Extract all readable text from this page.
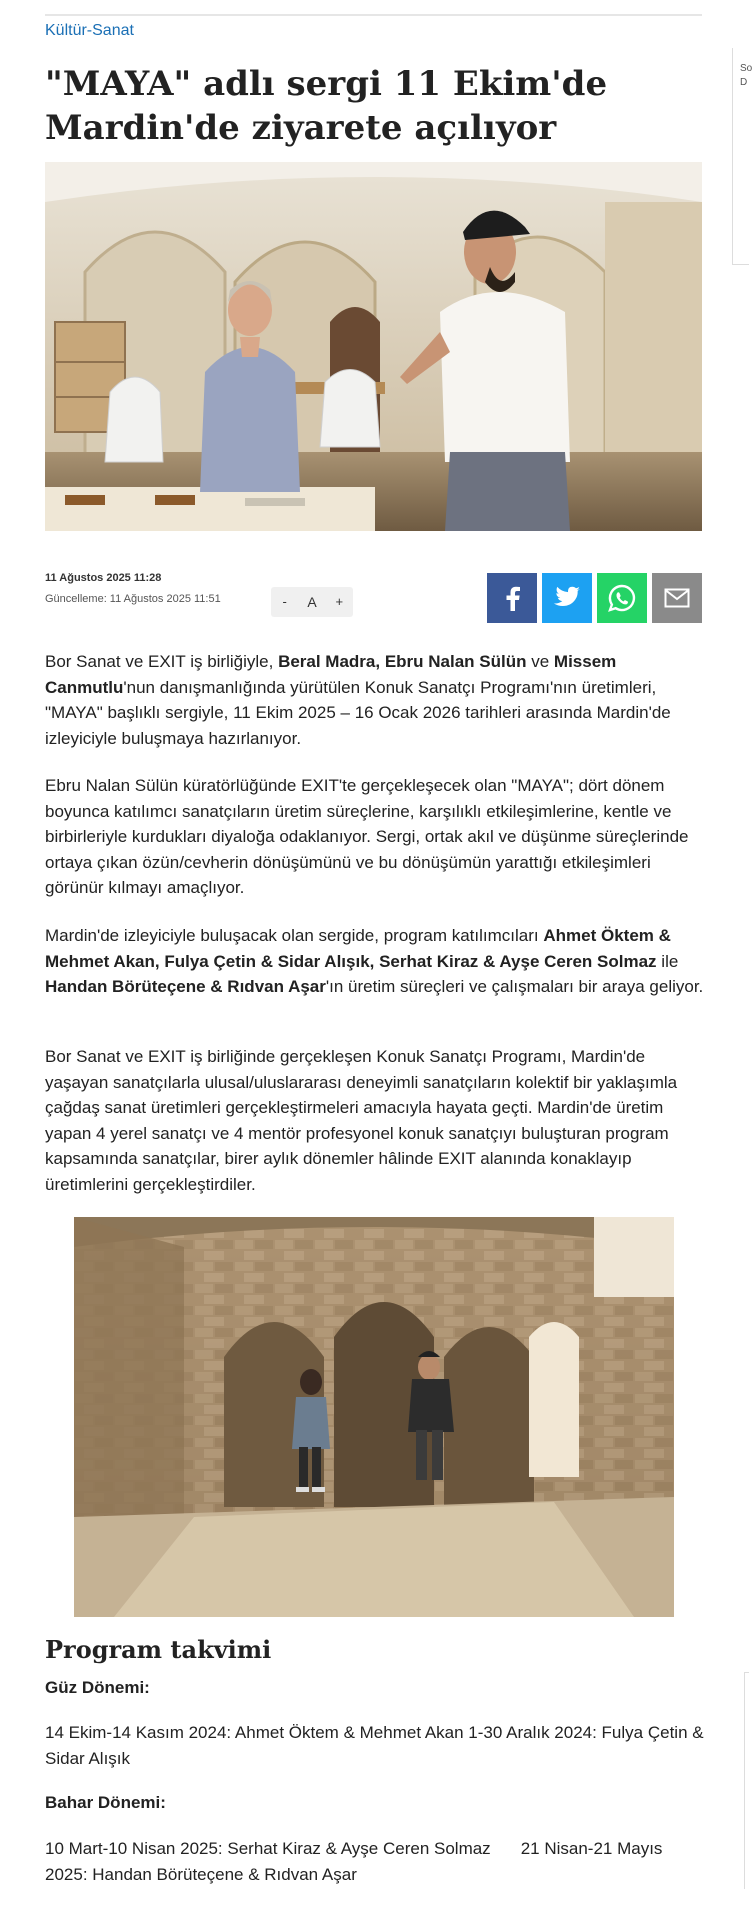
Kültür-Sanat
"MAYA" adlı sergi 11 Ekim'de Mardin'de ziyarete açılıyor
11 Ağustos 2025 11:28
Güncelleme: 11 Ağustos 2025 11:51	-	A	+

Bor Sanat ve EXIT iş birliğiyle, Beral Madra, Ebru Nalan Sülün ve Missem Canmutlu'nun danışmanlığında yürütülen Konuk Sanatçı Programı'nın üretimleri, "MAYA" başlıklı sergiyle, 11 Ekim 2025 – 16 Ocak 2026 tarihleri arasında Mardin'de izleyiciyle buluşmaya hazırlanıyor.

Ebru Nalan Sülün küratörlüğünde EXIT'te gerçekleşecek olan "MAYA"; dört dönem boyunca katılımcı sanatçıların üretim süreçlerine, karşılıklı etkileşimlerine, kentle ve birbirleriyle kurdukları diyaloğa odaklanıyor. Sergi, ortak akıl ve düşünme süreçlerinde ortaya çıkan özün/cevherin dönüşümünü ve bu dönüşümün yarattığı etkileşimleri görünür kılmayı amaçlıyor.

Mardin'de izleyiciyle buluşacak olan sergide, program katılımcıları Ahmet Öktem & Mehmet Akan, Fulya Çetin & Sidar Alışık, Serhat Kiraz & Ayşe Ceren Solmaz ile Handan Börüteçene & Rıdvan Aşar'ın üretim süreçleri ve çalışmaları bir araya geliyor.

Bor Sanat ve EXIT iş birliğinde gerçekleşen Konuk Sanatçı Programı, Mardin'de yaşayan sanatçılarla ulusal/uluslararası deneyimli sanatçıların kolektif bir yaklaşımla çağdaş sanat üretimleri gerçekleştirmeleri amacıyla hayata geçti. Mardin'de üretim yapan 4 yerel sanatçı ve 4 mentör profesyonel konuk sanatçıyı buluşturan program kapsamında sanatçılar, birer aylık dönemler hâlinde EXIT alanında konaklayıp üretimlerini gerçekleştirdiler.

Program takvimi

Güz Dönemi:

14 Ekim-14 Kasım 2024: Ahmet Öktem & Mehmet Akan 1-30 Aralık 2024: Fulya Çetin & Sidar Alışık

Bahar Dönemi:

10 Mart-10 Nisan 2025: Serhat Kiraz & Ayşe Ceren Solmaz 21 Nisan-21 Mayıs 2025: Handan Börüteçene & Rıdvan Aşar

So
D
